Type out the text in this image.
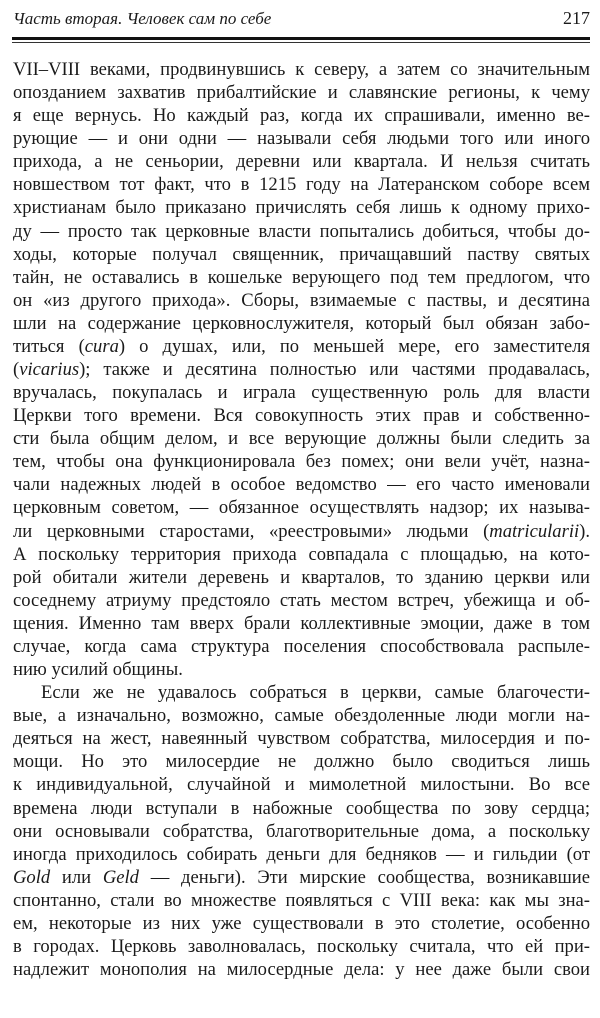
Часть вторая. Человек сам по себе	217
VII–VIII веками, продвинувшись к северу, а затем со значительным
опозданием захватив прибалтийские и славянские регионы, к чему
я еще вернусь. Но каждый раз, когда их спрашивали, именно ве-
рующие — и они одни — называли себя людьми того или иного
прихода, а не сеньории, деревни или квартала. И нельзя считать
новшеством тот факт, что в 1215 году на Латеранском соборе всем
христианам было приказано причислять себя лишь к одному прихо-
ду — просто так церковные власти попытались добиться, чтобы до-
ходы, которые получал священник, причащавший паству святых
тайн, не оставались в кошельке верующего под тем предлогом, что
он «из другого прихода». Сборы, взимаемые с паствы, и десятина
шли на содержание церковнослужителя, который был обязан забо-
титься (cura) о душах, или, по меньшей мере, его заместителя
(vicarius); также и десятина полностью или частями продавалась,
вручалась, покупалась и играла существенную роль для власти
Церкви того времени. Вся совокупность этих прав и собственно-
сти была общим делом, и все верующие должны были следить за
тем, чтобы она функционировала без помех; они вели учёт, назна-
чали надежных людей в особое ведомство — его часто именовали
церковным советом, — обязанное осуществлять надзор; их называ-
ли церковными старостами, «реестровыми» людьми (matricularii).
А поскольку территория прихода совпадала с площадью, на кото-
рой обитали жители деревень и кварталов, то зданию церкви или
соседнему атриуму предстояло стать местом встреч, убежища и об-
щения. Именно там вверх брали коллективные эмоции, даже в том
случае, когда сама структура поселения способствовала распыле-
нию усилий общины.
Если же не удавалось собраться в церкви, самые благочести-
вые, а изначально, возможно, самые обездоленные люди могли на-
деяться на жест, навеянный чувством собратства, милосердия и по-
мощи. Но это милосердие не должно было сводиться лишь
к индивидуальной, случайной и мимолетной милостыни. Во все
времена люди вступали в набожные сообщества по зову сердца;
они основывали собратства, благотворительные дома, а поскольку
иногда приходилось собирать деньги для бедняков — и гильдии (от
Gold или Geld — деньги). Эти мирские сообщества, возникавшие
спонтанно, стали во множестве появляться с VIII века: как мы зна-
ем, некоторые из них уже существовали в это столетие, особенно
в городах. Церковь заволновалась, поскольку считала, что ей при-
надлежит монополия на милосердные дела: у нее даже были свои
